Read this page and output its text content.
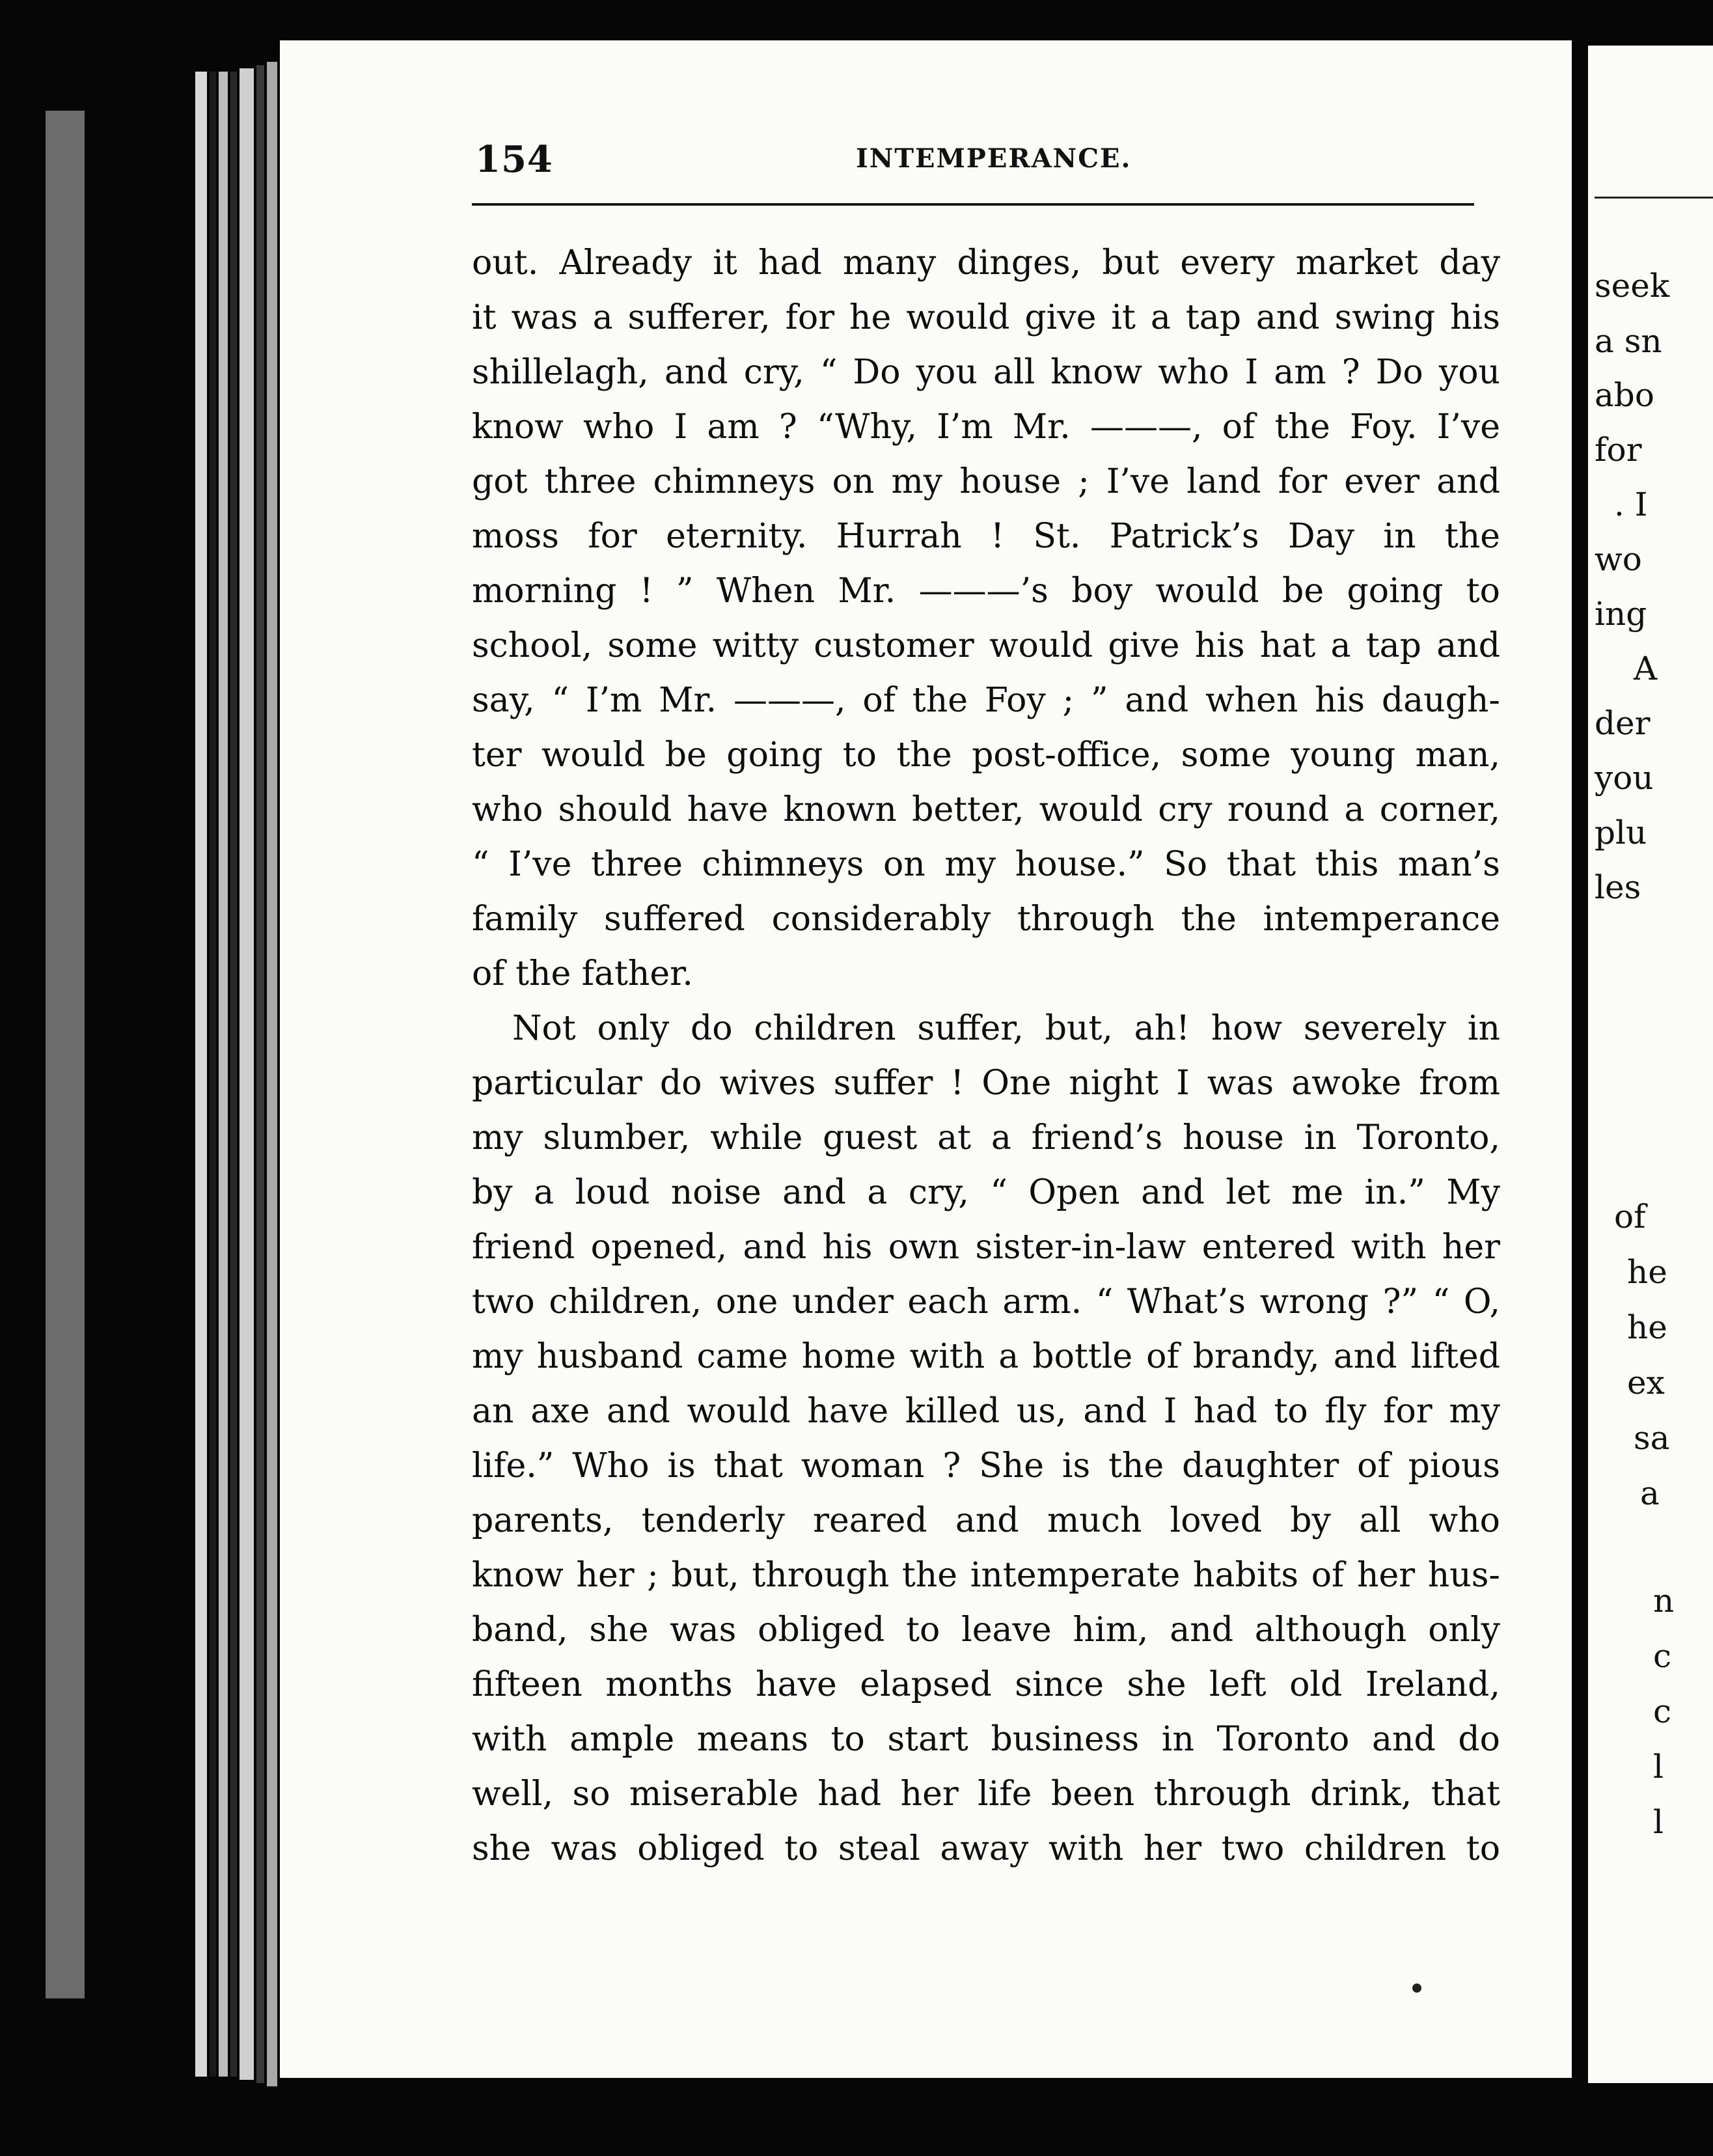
154	INTEMPERANCE.
out. Already it had many dinges, but every market day
it was a sufferer, for he would give it a tap and swing his
shillelagh, and cry, “ Do you all know who I am ? Do you
know who I am ? “Why, I’m Mr. ———, of the Foy. I’ve
got three chimneys on my house ; I’ve land for ever and
moss for eternity. Hurrah ! St. Patrick’s Day in the
morning ! ” When Mr. ———’s boy would be going to
school, some witty customer would give his hat a tap and
say, “ I’m Mr. ———, of the Foy ; ” and when his daugh-
ter would be going to the post-office, some young man,
who should have known better, would cry round a corner,
“ I’ve three chimneys on my house.” So that this man’s
family suffered considerably through the intemperance
of the father.
Not only do children suffer, but, ah! how severely in
particular do wives suffer ! One night I was awoke from
my slumber, while guest at a friend’s house in Toronto,
by a loud noise and a cry, “ Open and let me in.” My
friend opened, and his own sister-in-law entered with her
two children, one under each arm. “ What’s wrong ?” “ O,
my husband came home with a bottle of brandy, and lifted
an axe and would have killed us, and I had to fly for my
life.” Who is that woman ? She is the daughter of pious
parents, tenderly reared and much loved by all who
know her ; but, through the intemperate habits of her hus-
band, she was obliged to leave him, and although only
fifteen months have elapsed since she left old Ireland,
with ample means to start business in Toronto and do
well, so miserable had her life been through drink, that
she was obliged to steal away with her two children to
seek
a sn
abo
for
. I
wo
ing
A
der
you
plu
les
of
he
he
ex
sa
a
n
c
c
l
l
